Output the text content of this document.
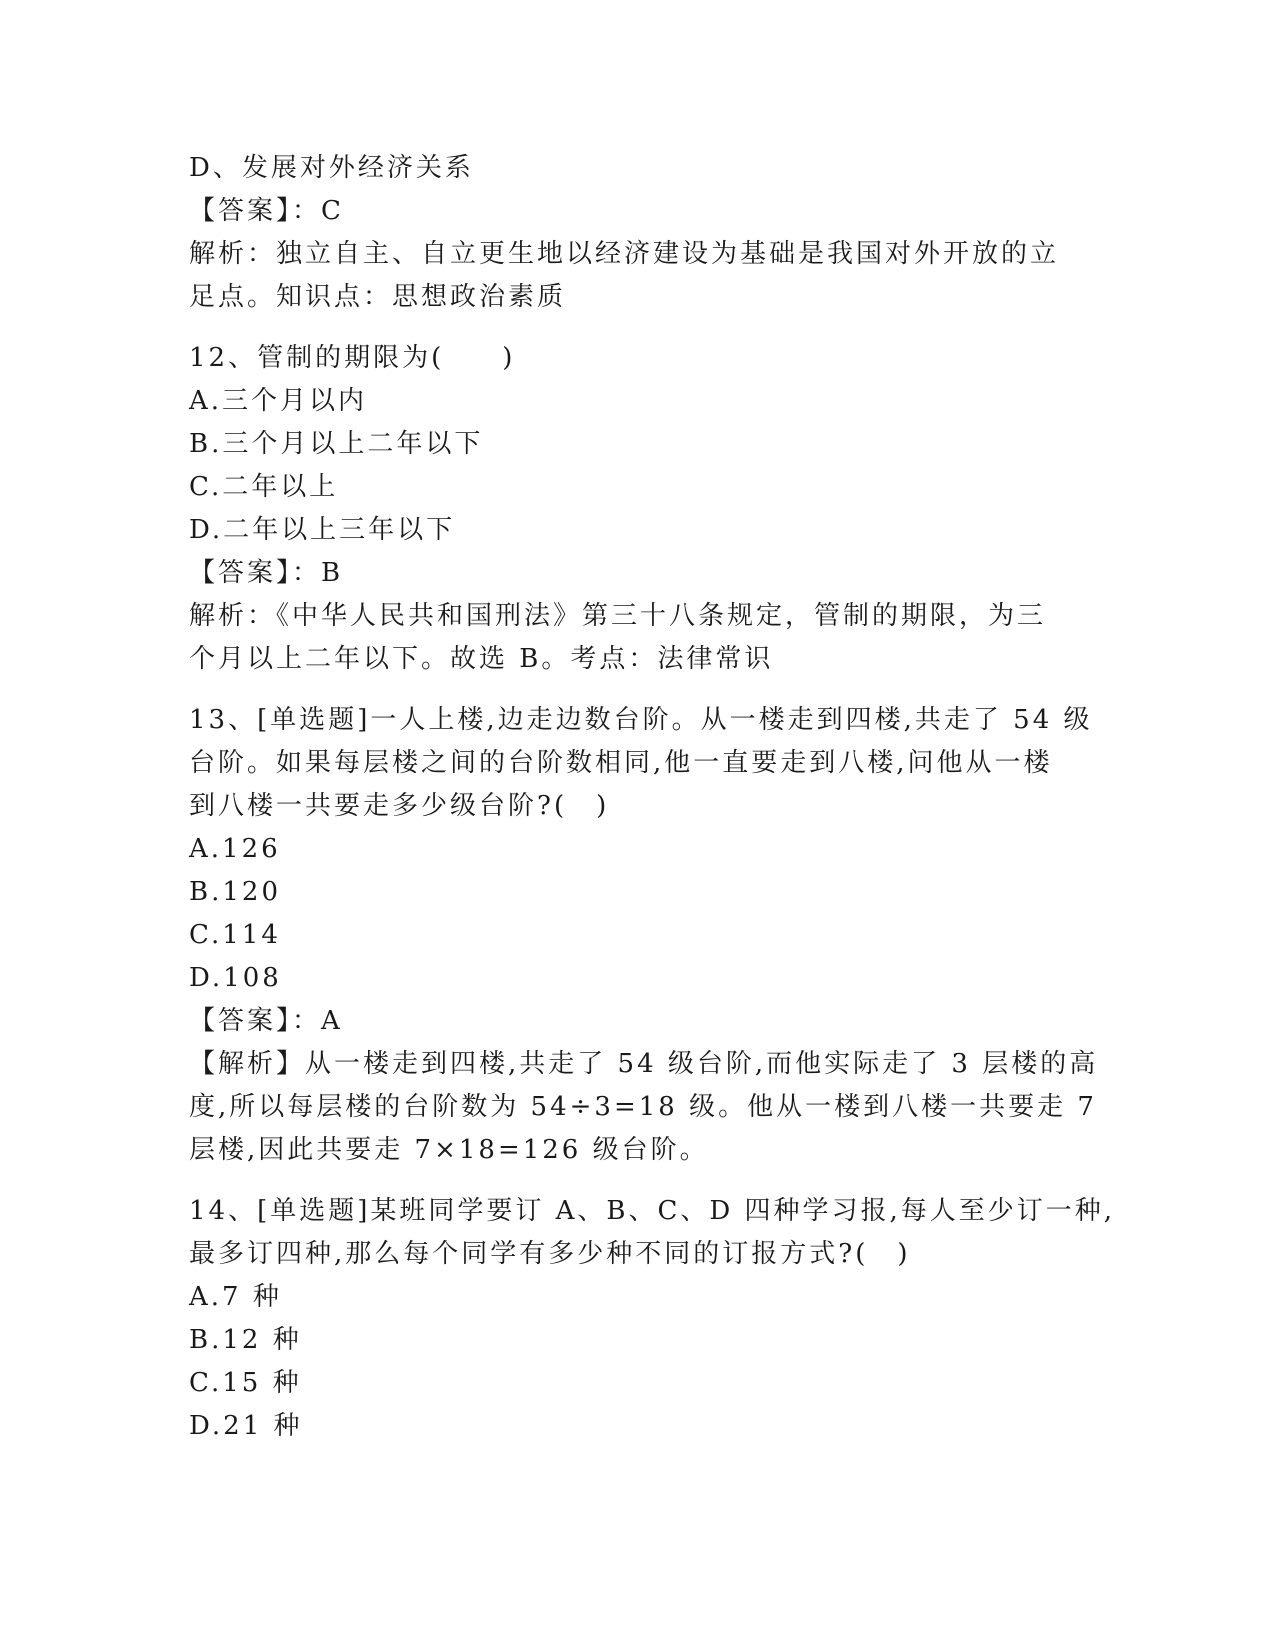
D、发展对外经济关系
【答案】：C
解析：独立自主、自立更生地以经济建设为基础是我国对外开放的立
足点。知识点：思想政治素质
12、管制的期限为(　　)
A.三个月以内
B.三个月以上二年以下
C.二年以上
D.二年以上三年以下
【答案】：B
解析：《中华人民共和国刑法》第三十八条规定，管制的期限，为三
个月以上二年以下。故选 B。考点：法律常识
13、[单选题]一人上楼,边走边数台阶。从一楼走到四楼,共走了 54 级
台阶。如果每层楼之间的台阶数相同,他一直要走到八楼,问他从一楼
到八楼一共要走多少级台阶?(　)
A.126
B.120
C.114
D.108
【答案】：A
【解析】从一楼走到四楼,共走了 54 级台阶,而他实际走了 3 层楼的高
度,所以每层楼的台阶数为 54÷3=18 级。他从一楼到八楼一共要走 7
层楼,因此共要走 7×18=126 级台阶。
14、[单选题]某班同学要订 A、B、C、D 四种学习报,每人至少订一种,
最多订四种,那么每个同学有多少种不同的订报方式?(　)
A.7 种
B.12 种
C.15 种
D.21 种
